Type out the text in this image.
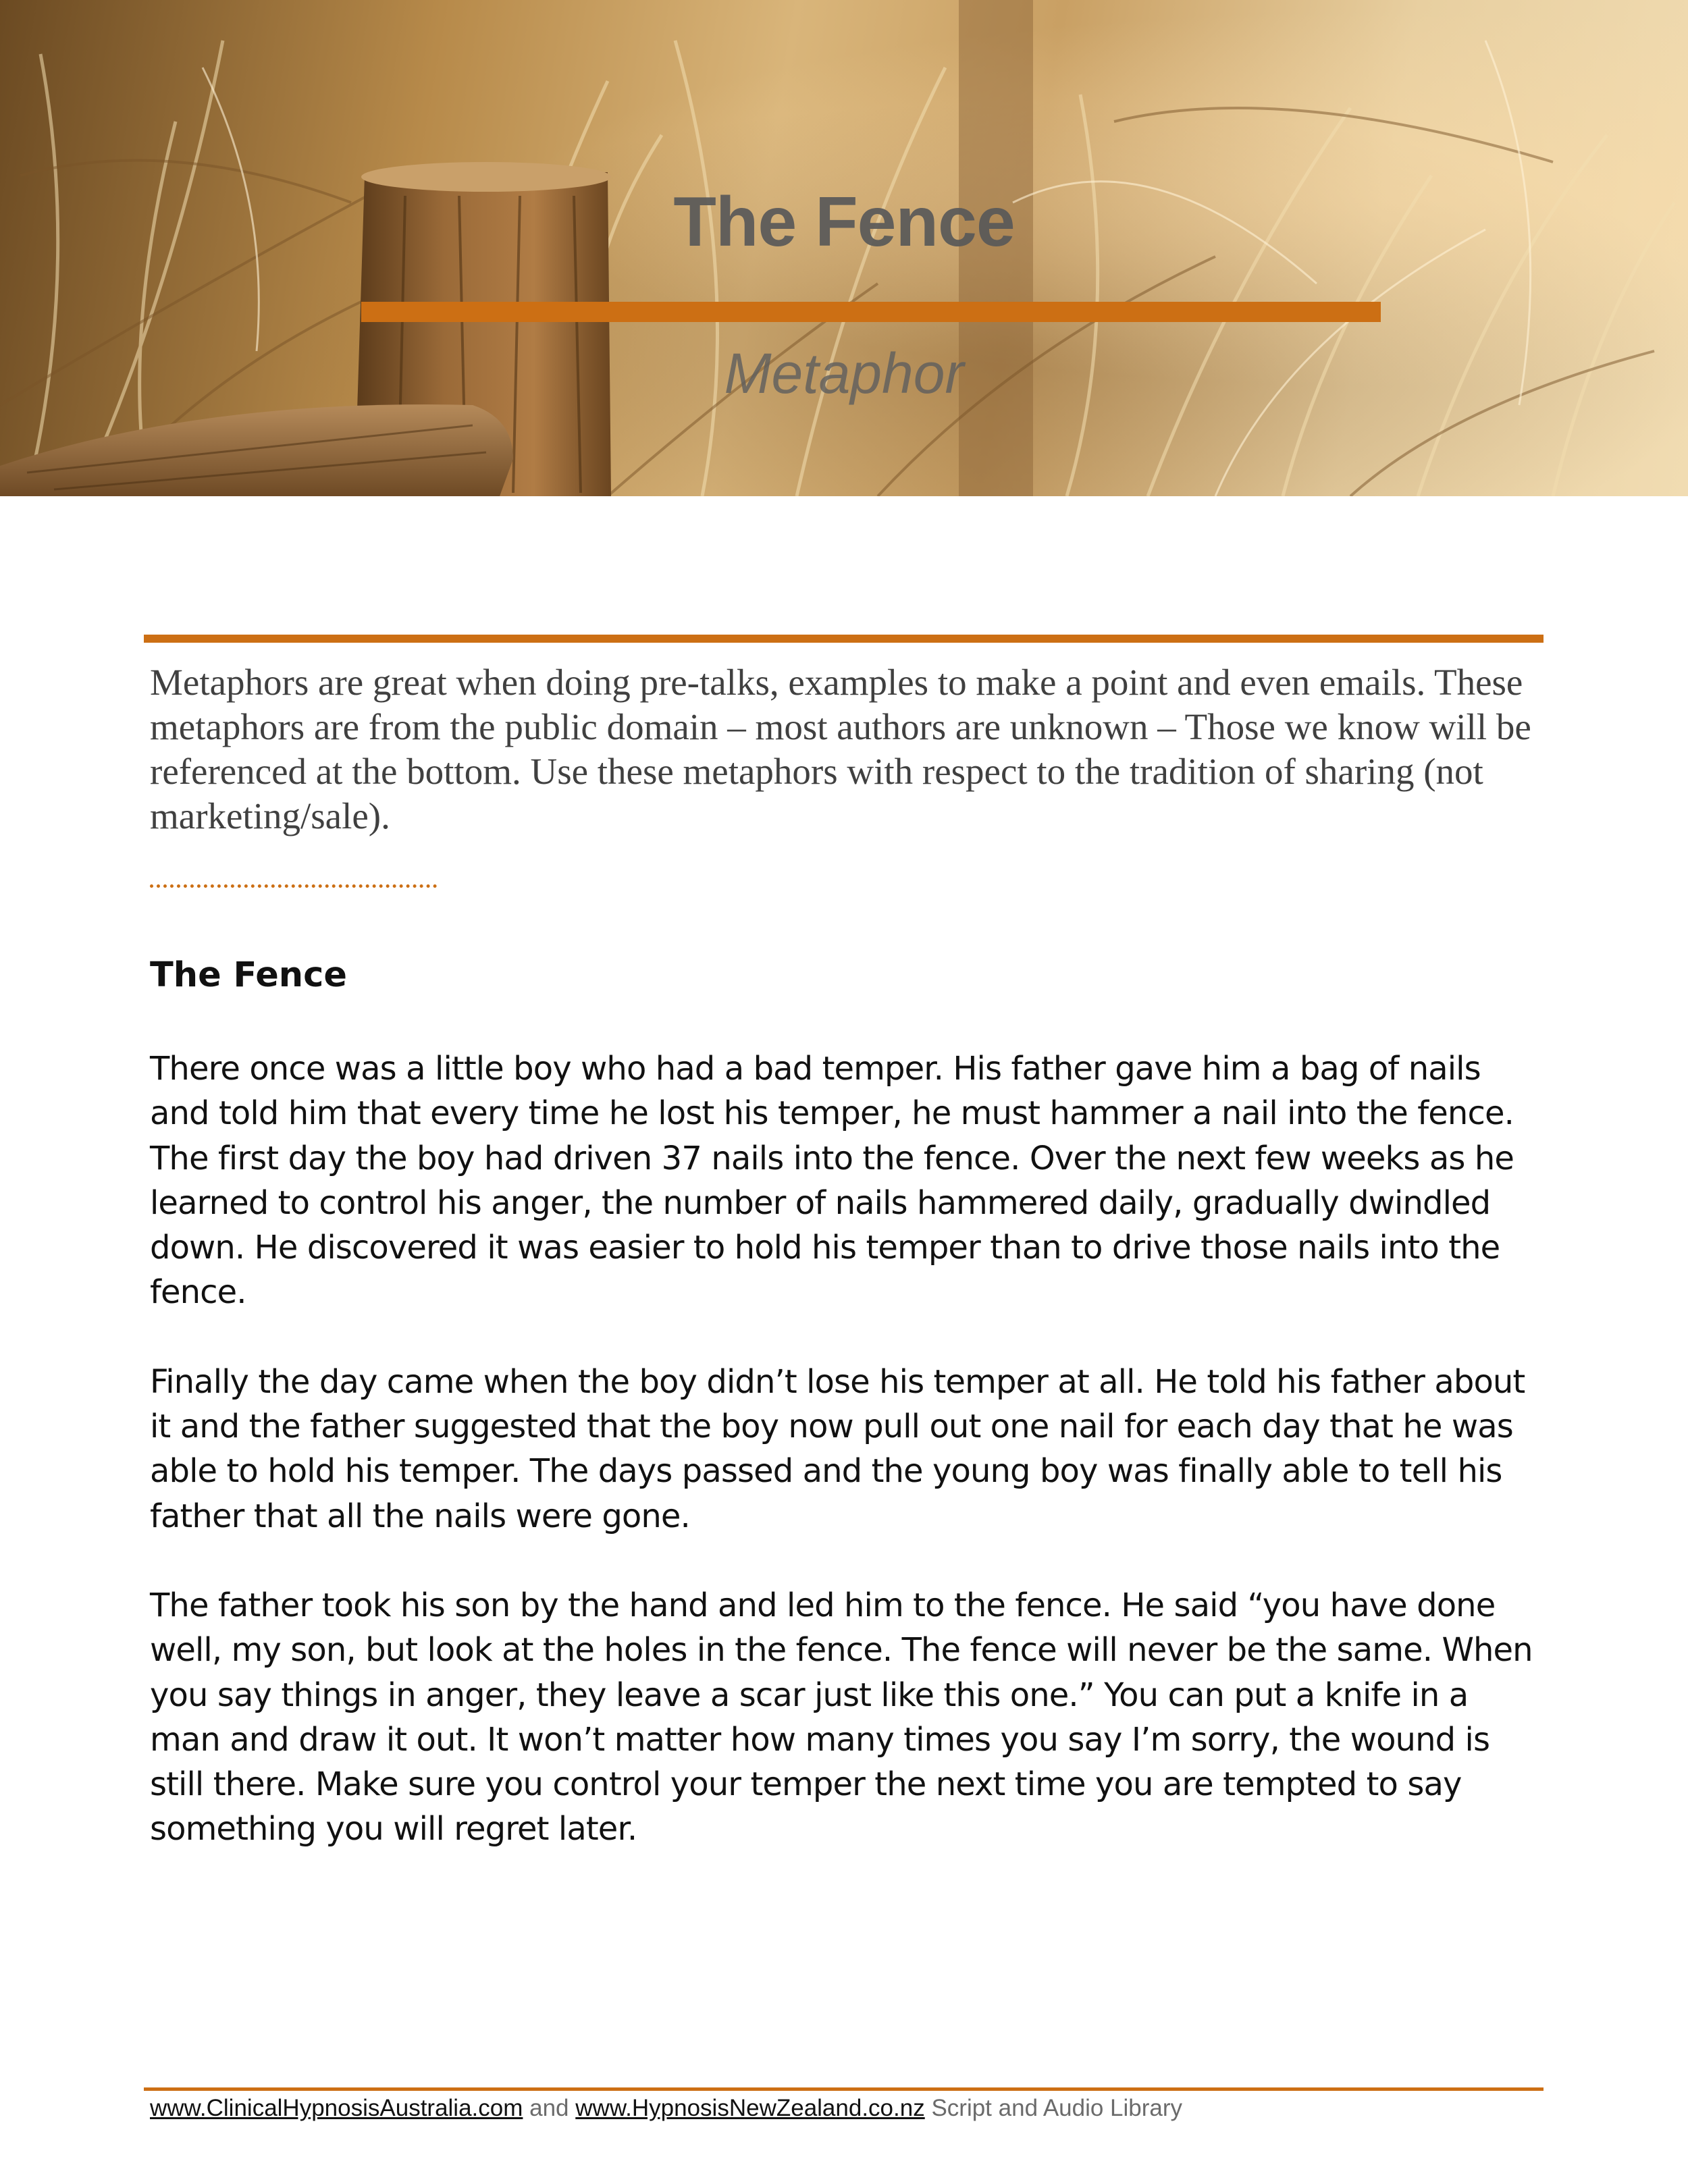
The Fence
Metaphor
Metaphors are great when doing pre-talks, examples to make a point and even emails. These metaphors are from the public domain – most authors are unknown – Those we know will be referenced at the bottom. Use these metaphors with respect to the tradition of sharing (not marketing/sale).
The Fence

There once was a little boy who had a bad temper. His father gave him a bag of nails and told him that every time he lost his temper, he must hammer a nail into the fence. The first day the boy had driven 37 nails into the fence. Over the next few weeks as he learned to control his anger, the number of nails hammered daily, gradually dwindled down. He discovered it was easier to hold his temper than to drive those nails into the fence.

Finally the day came when the boy didn’t lose his temper at all. He told his father about it and the father suggested that the boy now pull out one nail for each day that he was able to hold his temper. The days passed and the young boy was finally able to tell his father that all the nails were gone.

The father took his son by the hand and led him to the fence. He said “you have done well, my son, but look at the holes in the fence. The fence will never be the same. When you say things in anger, they leave a scar just like this one.” You can put a knife in a man and draw it out. It won’t matter how many times you say I’m sorry, the wound is still there. Make sure you control your temper the next time you are tempted to say something you will regret later.

www.ClinicalHypnosisAustralia.com and www.HypnosisNewZealand.co.nz Script and Audio Library
